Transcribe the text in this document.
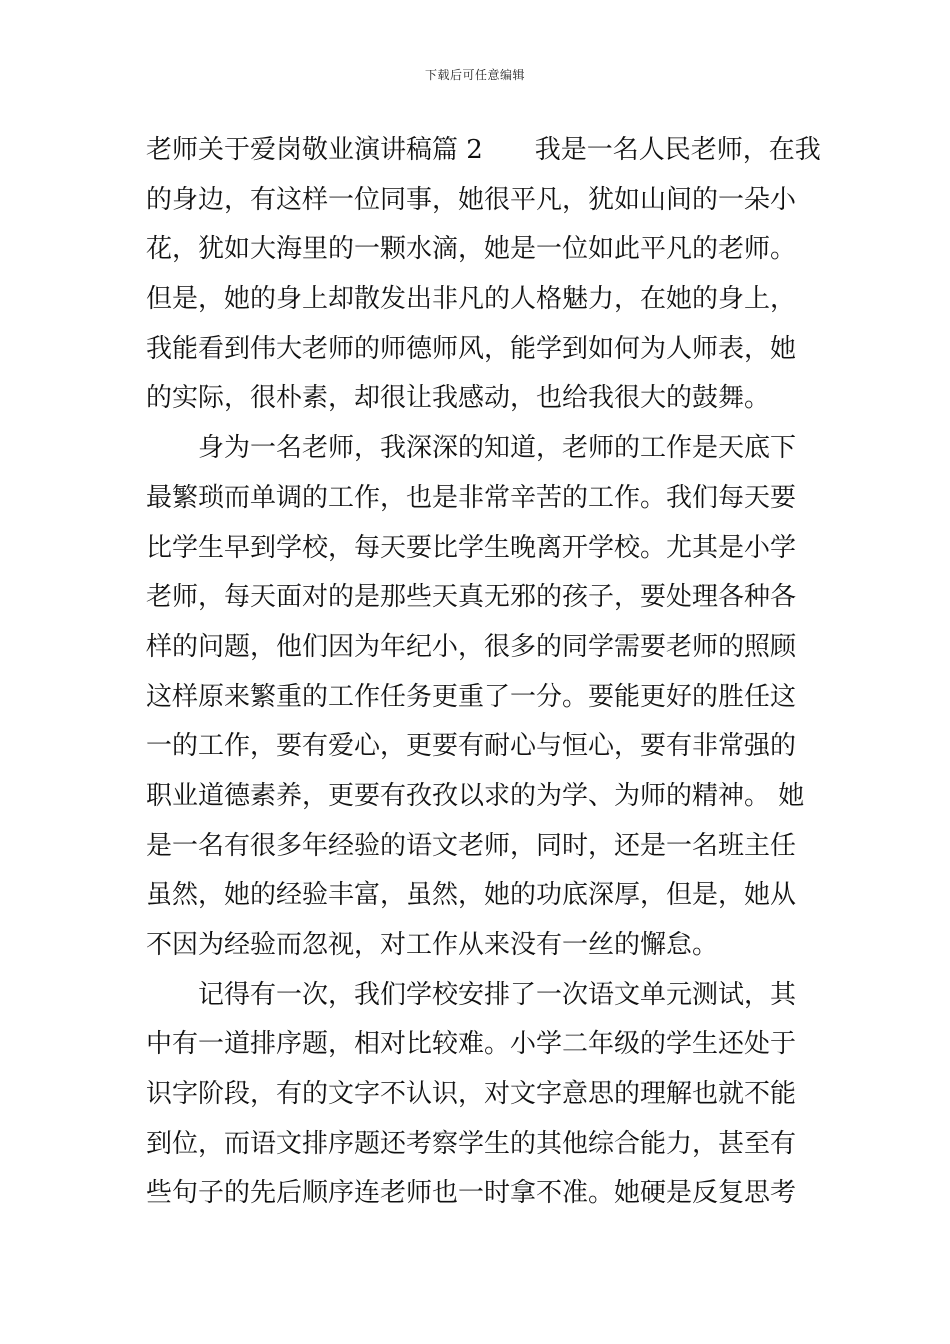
下载后可任意编辑
老师关于爱岗敬业演讲稿篇 2　　我是一名人民老师，在我
的身边，有这样一位同事，她很平凡，犹如山间的一朵小
花，犹如大海里的一颗水滴，她是一位如此平凡的老师。
但是，她的身上却散发出非凡的人格魅力，在她的身上，
我能看到伟大老师的师德师风，能学到如何为人师表，她
的实际，很朴素，却很让我感动，也给我很大的鼓舞。
身为一名老师，我深深的知道，老师的工作是天底下
最繁琐而单调的工作，也是非常辛苦的工作。我们每天要
比学生早到学校，每天要比学生晚离开学校。尤其是小学
老师，每天面对的是那些天真无邪的孩子，要处理各种各
样的问题，他们因为年纪小，很多的同学需要老师的照顾
这样原来繁重的工作任务更重了一分。要能更好的胜任这
一的工作，要有爱心，更要有耐心与恒心，要有非常强的
职业道德素养，更要有孜孜以求的为学、为师的精神。 她
是一名有很多年经验的语文老师，同时，还是一名班主任
虽然，她的经验丰富，虽然，她的功底深厚，但是，她从
不因为经验而忽视，对工作从来没有一丝的懈怠。
记得有一次，我们学校安排了一次语文单元测试，其
中有一道排序题，相对比较难。小学二年级的学生还处于
识字阶段，有的文字不认识，对文字意思的理解也就不能
到位，而语文排序题还考察学生的其他综合能力，甚至有
些句子的先后顺序连老师也一时拿不准。她硬是反复思考
